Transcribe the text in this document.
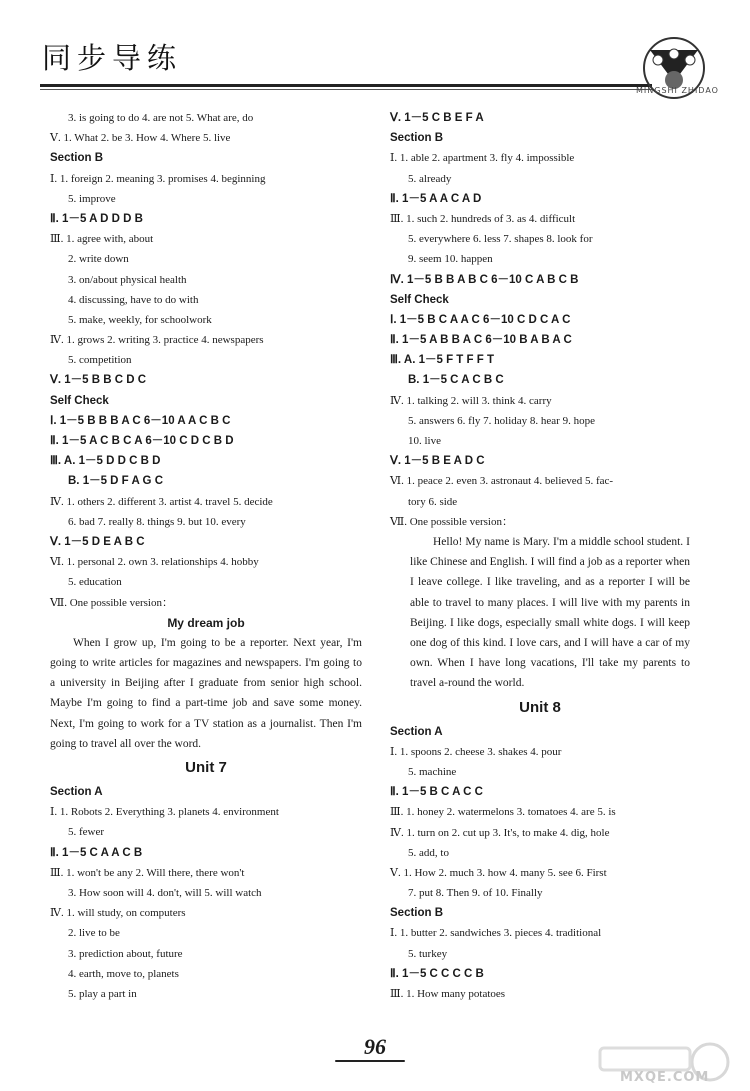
同步导练
MINGSHI ZHIDAO
3. is going to do 4. are not 5. What are, do
Ⅴ. 1. What 2. be 3. How 4. Where 5. live
Section B
Ⅰ. 1. foreign 2. meaning 3. promises 4. beginning
5. improve
Ⅱ. 1－5 A D D D B
Ⅲ. 1. agree with, about
2. write down
3. on/about physical health
4. discussing, have to do with
5. make, weekly, for schoolwork
Ⅳ. 1. grows 2. writing 3. practice 4. newspapers
5. competition
Ⅴ. 1－5 B B C D C
Self Check
Ⅰ. 1－5 B B B A C 6－10 A A C B C
Ⅱ. 1－5 A C B C A 6－10 C D C B D
Ⅲ. A. 1－5 D D C B D
B. 1－5 D F A G C
Ⅳ. 1. others 2. different 3. artist 4. travel 5. decide
6. bad 7. really 8. things 9. but 10. every
Ⅴ. 1－5 D E A B C
Ⅵ. 1. personal 2. own 3. relationships 4. hobby
5. education
Ⅶ. One possible version：
My dream job
When I grow up, I'm going to be a reporter. Next year, I'm going to write articles for magazines and newspapers. I'm going to a university in Beijing after I graduate from senior high school. Maybe I'm going to find a part-time job and save some money. Next, I'm going to work for a TV station as a journalist. Then I'm going to travel all over the word.
Unit 7
Section A
Ⅰ. 1. Robots 2. Everything 3. planets 4. environment
5. fewer
Ⅱ. 1－5 C A A C B
Ⅲ. 1. won't be any 2. Will there, there won't
3. How soon will 4. don't, will 5. will watch
Ⅳ. 1. will study, on computers
2. live to be
3. prediction about, future
4. earth, move to, planets
5. play a part in
Ⅴ. 1－5 C B E F A
Section B
Ⅰ. 1. able 2. apartment 3. fly 4. impossible
5. already
Ⅱ. 1－5 A A C A D
Ⅲ. 1. such 2. hundreds of 3. as 4. difficult
5. everywhere 6. less 7. shapes 8. look for
9. seem 10. happen
Ⅳ. 1－5 B B A B C 6－10 C A B C B
Self Check
Ⅰ. 1－5 B C A A C 6－10 C D C A C
Ⅱ. 1－5 A B B A C 6－10 B A B A C
Ⅲ. A. 1－5 F T F F T
B. 1－5 C A C B C
Ⅳ. 1. talking 2. will 3. think 4. carry
5. answers 6. fly 7. holiday 8. hear 9. hope
10. live
Ⅴ. 1－5 B E A D C
Ⅵ. 1. peace 2. even 3. astronaut 4. believed 5. fac-
tory 6. side
Ⅶ. One possible version：
Hello! My name is Mary. I'm a middle school student. I like Chinese and English. I will find a job as a reporter when I leave college. I like traveling, and as a reporter I will be able to travel to many places. I will live with my parents in Beijing. I like dogs, especially small white dogs. I will keep one dog of this kind. I love cars, and I will have a car of my own. When I have long vacations, I'll take my parents to travel a-round the world.
Unit 8
Section A
Ⅰ. 1. spoons 2. cheese 3. shakes 4. pour
5. machine
Ⅱ. 1－5 B C A C C
Ⅲ. 1. honey 2. watermelons 3. tomatoes 4. are 5. is
Ⅳ. 1. turn on 2. cut up 3. It's, to make 4. dig, hole
5. add, to
Ⅴ. 1. How 2. much 3. how 4. many 5. see 6. First
7. put 8. Then 9. of 10. Finally
Section B
Ⅰ. 1. butter 2. sandwiches 3. pieces 4. traditional
5. turkey
Ⅱ. 1－5 C C C C B
Ⅲ. 1. How many potatoes
96
MXQE.COM
